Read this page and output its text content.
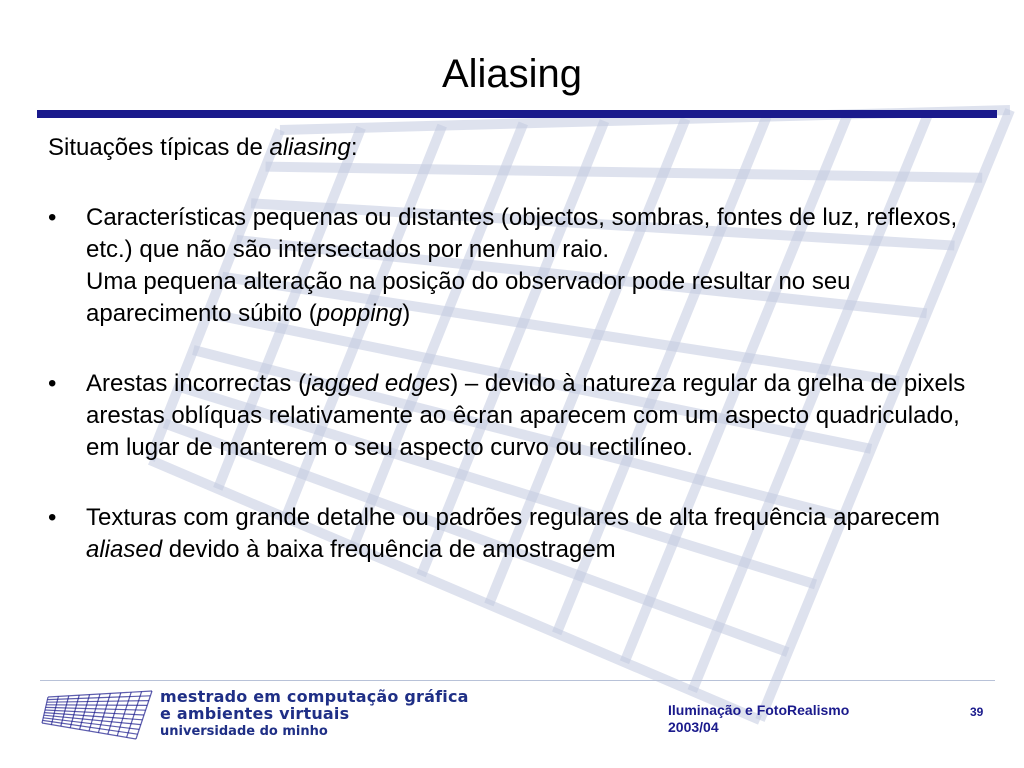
Aliasing

Situações típicas de aliasing:

• Características pequenas ou distantes (objectos, sombras, fontes de luz, reflexos, etc.) que não são intersectados por nenhum raio.
Uma pequena alteração na posição do observador pode resultar no seu aparecimento súbito (popping)
• Arestas incorrectas (jagged edges) – devido à natureza regular da grelha de pixels arestas oblíquas relativamente ao êcran aparecem com um aspecto quadriculado, em lugar de manterem o seu aspecto curvo ou rectilíneo.
• Texturas com grande detalhe ou padrões regulares de alta frequência aparecem aliased devido à baixa frequência de amostragem
mestrado em computação gráfica
e ambientes virtuais
universidade do minho
Iluminação e FotoRealismo
2003/04
39
